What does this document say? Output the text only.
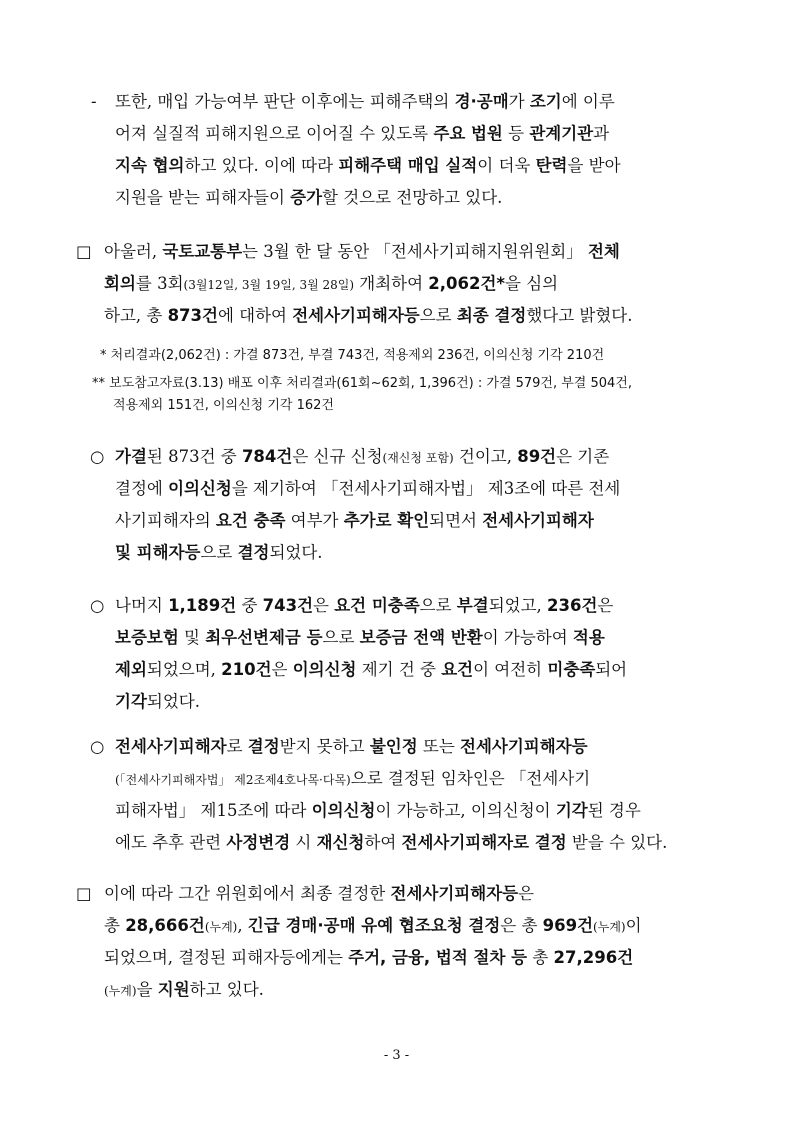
- 또한, 매입 가능여부 판단 이후에는 피해주택의 경·공매가 조기에 이루
어져 실질적 피해지원으로 이어질 수 있도록 주요 법원 등 관계기관과
지속 협의하고 있다. 이에 따라 피해주택 매입 실적이 더욱 탄력을 받아
지원을 받는 피해자들이 증가할 것으로 전망하고 있다.
□ 아울러, 국토교통부는 3월 한 달 동안 「전세사기피해지원위원회」 전체
회의를 3회(3월12일, 3월 19일, 3월 28일) 개최하여 2,062건*을 심의
하고, 총 873건에 대하여 전세사기피해자등으로 최종 결정했다고 밝혔다.
* 처리결과(2,062건) : 가결 873건, 부결 743건, 적용제외 236건, 이의신청 기각 210건
** 보도참고자료(3.13) 배포 이후 처리결과(61회~62회, 1,396건) : 가결 579건, 부결 504건,
적용제외 151건, 이의신청 기각 162건
○ 가결된 873건 중 784건은 신규 신청(재신청 포함) 건이고, 89건은 기존
결정에 이의신청을 제기하여 「전세사기피해자법」 제3조에 따른 전세
사기피해자의 요건 충족 여부가 추가로 확인되면서 전세사기피해자
및 피해자등으로 결정되었다.
○ 나머지 1,189건 중 743건은 요건 미충족으로 부결되었고, 236건은
보증보험 및 최우선변제금 등으로 보증금 전액 반환이 가능하여 적용
제외되었으며, 210건은 이의신청 제기 건 중 요건이 여전히 미충족되어
기각되었다.
○ 전세사기피해자로 결정받지 못하고 불인정 또는 전세사기피해자등
(「전세사기피해자법」 제2조제4호나목·다목)으로 결정된 임차인은 「전세사기
피해자법」 제15조에 따라 이의신청이 가능하고, 이의신청이 기각된 경우
에도 추후 관련 사정변경 시 재신청하여 전세사기피해자로 결정 받을 수 있다.
□ 이에 따라 그간 위원회에서 최종 결정한 전세사기피해자등은
총 28,666건(누계), 긴급 경매·공매 유예 협조요청 결정은 총 969건(누계)이
되었으며, 결정된 피해자등에게는 주거, 금융, 법적 절차 등 총 27,296건
(누계)을 지원하고 있다.
- 3 -
